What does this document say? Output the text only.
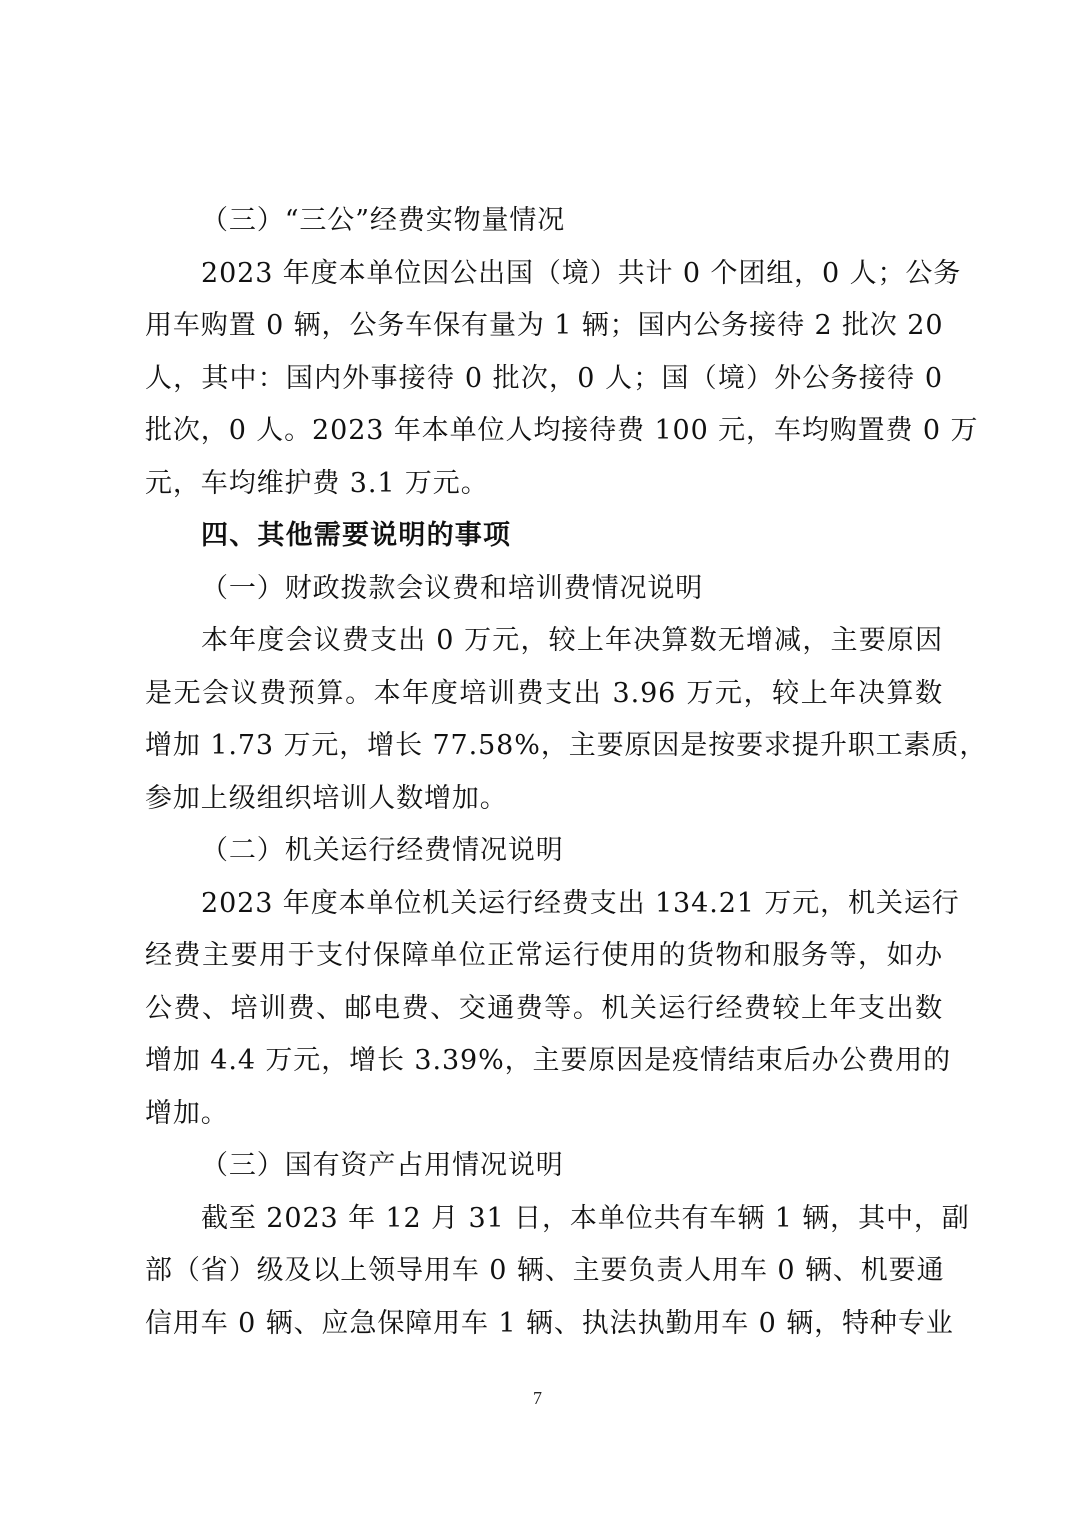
（三）“三公”经费实物量情况
2023 年度本单位因公出国（境）共计 0 个团组，0 人；公务
用车购置 0 辆，公务车保有量为 1 辆；国内公务接待 2 批次 20
人，其中：国内外事接待 0 批次，0 人；国（境）外公务接待 0
批次，0 人。2023 年本单位人均接待费 100 元，车均购置费 0 万
元，车均维护费 3.1 万元。
四、其他需要说明的事项
（一）财政拨款会议费和培训费情况说明
本年度会议费支出 0 万元，较上年决算数无增减，主要原因
是无会议费预算。本年度培训费支出 3.96 万元，较上年决算数
增加 1.73 万元，增长 77.58%，主要原因是按要求提升职工素质，
参加上级组织培训人数增加。
（二）机关运行经费情况说明
2023 年度本单位机关运行经费支出 134.21 万元，机关运行
经费主要用于支付保障单位正常运行使用的货物和服务等，如办
公费、培训费、邮电费、交通费等。机关运行经费较上年支出数
增加 4.4 万元，增长 3.39%，主要原因是疫情结束后办公费用的
增加。
（三）国有资产占用情况说明
截至 2023 年 12 月 31 日，本单位共有车辆 1 辆，其中，副
部（省）级及以上领导用车 0 辆、主要负责人用车 0 辆、机要通
信用车 0 辆、应急保障用车 1 辆、执法执勤用车 0 辆，特种专业
7
